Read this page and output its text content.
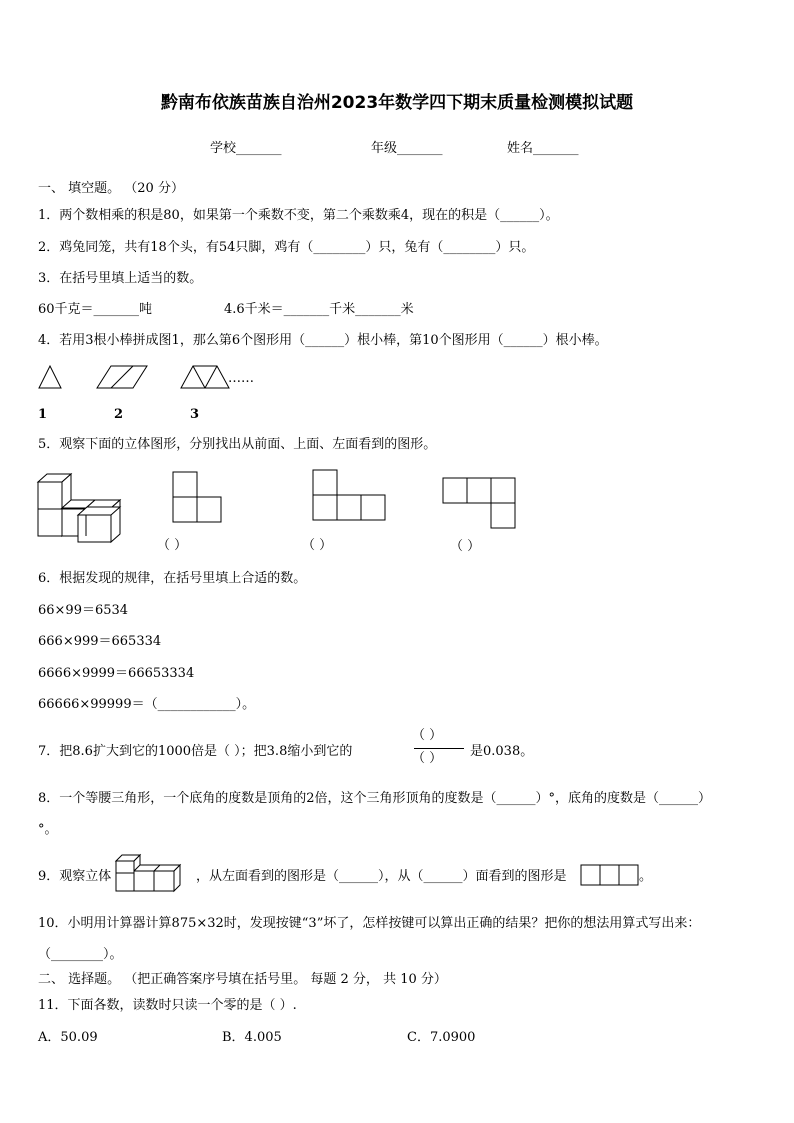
黔南布依族苗族自治州2023年数学四下期末质量检测模拟试题
学校_______	年级_______	姓名_______
一、 填空题。 （20 分）
1．两个数相乘的积是80，如果第一个乘数不变，第二个乘数乘4，现在的积是（______）。
2．鸡兔同笼，共有18个头，有54只脚，鸡有（________）只，兔有（________）只。
3．在括号里填上适当的数。
60千克＝_______吨	4.6千米＝_______千米_______米
4．若用3根小棒拼成图1，那么第6个图形用（______）根小棒，第10个图形用（______）根小棒。
……
1	2	3
5．观察下面的立体图形，分别找出从前面、上面、左面看到的图形。
（ ）	（ ）	（ ）
6．根据发现的规律，在括号里填上合适的数。
66×99＝6534
666×999＝665334
6666×9999＝66653334
66666×99999＝（____________）。
7．把8.6扩大到它的1000倍是（ ）；把3.8缩小到它的
（ ）
（ ） 是0.038。
8．一个等腰三角形，一个底角的度数是顶角的2倍，这个三角形顶角的度数是（______）°，底角的度数是（______）
°。
9．观察立体	，从左面看到的图形是（______），从（______）面看到的图形是	。
10．小明用计算器计算875×32时，发现按键“3”坏了，怎样按键可以算出正确的结果？把你的想法用算式写出来：
（________）。
二、 选择题。 （把正确答案序号填在括号里。 每题 2 分， 共 10 分）
11．下面各数，读数时只读一个零的是（ ）.
A．50.09	B．4.005	C．7.0900
